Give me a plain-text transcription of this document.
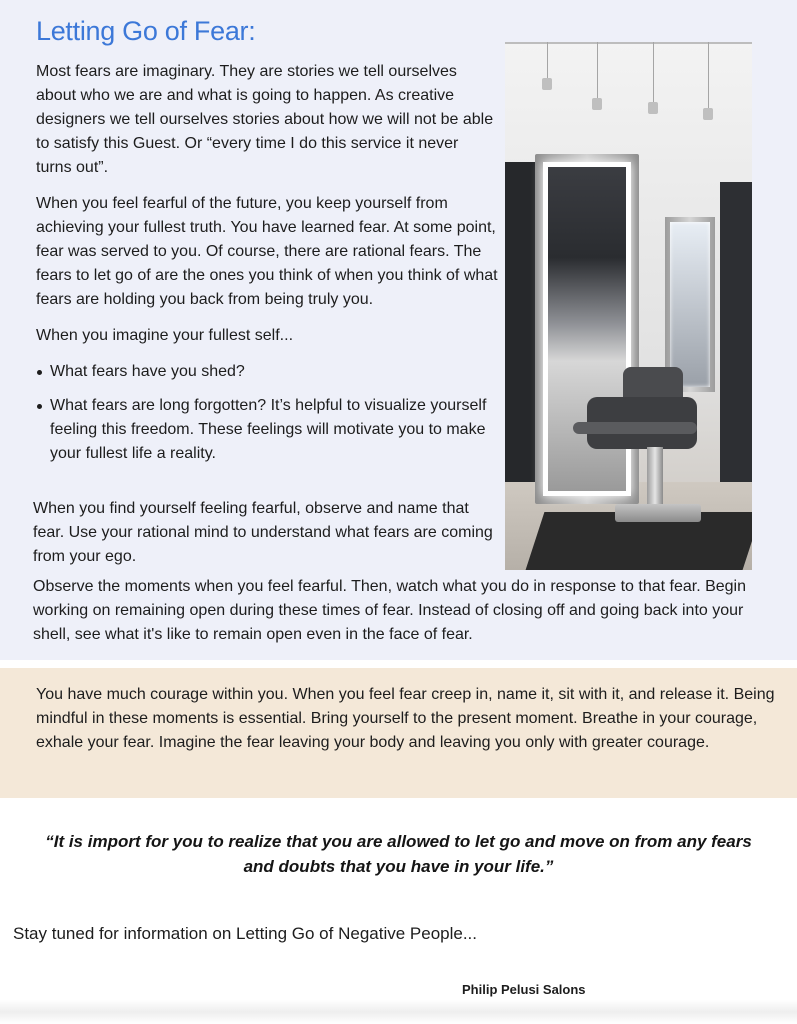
Letting Go of Fear:

Most fears are imaginary. They are stories we tell ourselves about who we are and what is going to happen. As creative designers we tell ourselves stories about how we will not be able to satisfy this Guest. Or “every time I do this service it never turns out”.

When you feel fearful of the future, you keep yourself from achieving your fullest truth. You have learned fear. At some point, fear was served to you. Of course, there are rational fears. The fears to let go of are the ones you think of when you think of what fears are holding you back from being truly you.

When you imagine your fullest self...

What fears have you shed?
What fears are long forgotten? It’s helpful to visualize yourself feeling this freedom. These feelings will motivate you to make your fullest life a reality.

When you find yourself feeling fearful, observe and name that fear. Use your rational mind to understand what fears are coming from your ego.

Observe the moments when you feel fearful. Then, watch what you do in response to that fear. Begin working on remaining open during these times of fear. Instead of closing off and going back into your shell, see what it's like to remain open even in the face of fear.

You have much courage within you. When you feel fear creep in, name it, sit with it, and release it. Being mindful in these moments is essential. Bring yourself to the present moment. Breathe in your courage, exhale your fear. Imagine the fear leaving your body and leaving you only with greater courage.

“It is import for you to realize that you are allowed to let go and move on from any fears and doubts that you have in your life.”

Stay tuned for information on Letting Go of Negative People...

Philip Pelusi Salons
